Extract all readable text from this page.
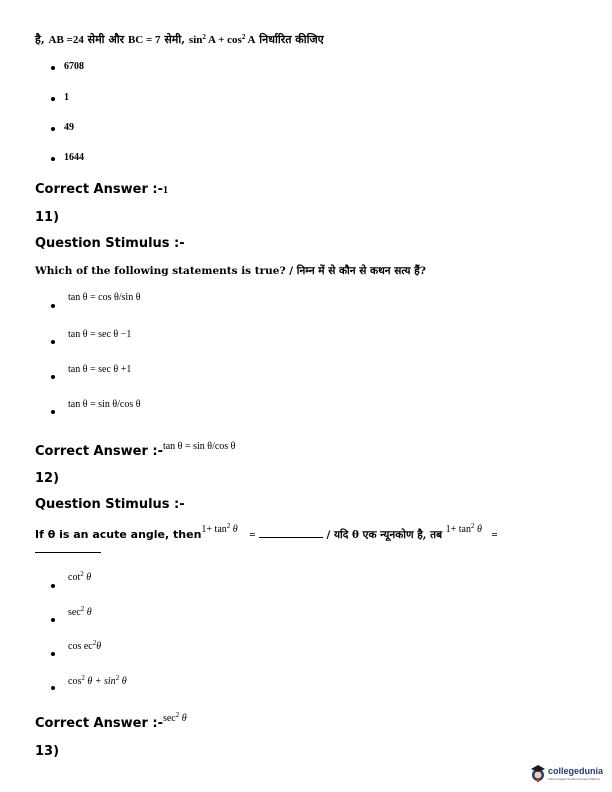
है, AB =24 सेमी और BC = 7 सेमी, $\sin^2 A + \cos^2 A$ निर्धारित कीजिए
6708
1
49
1644
Correct Answer :-1
11)
Question Stimulus :-
Which of the following statements is true? / निम्न में से कौन से कथन सत्य हैं?
tan θ = cos θ/sin θ
tan θ = sec θ −1
tan θ = sec θ +1
tan θ = sin θ/cos θ
$_{Correct Answer :-}$tan θ = sin θ/cos θ
12)
Question Stimulus :-
If θ is an acute angle, then1+ $\tan^2 \theta$ =	/ यदि θ एक न्यूनकोण है, तब $1+ \tan^2 \theta$ =
$\cot^2 \theta$
$\sec^2 \theta$
$\cos ec^2\theta$
$\cos^2 \theta + \sin^2 \theta$
$_{Correct Answer :-}\sec^2$ θ
13)
collegedunia
India's largest Student Review Platform
